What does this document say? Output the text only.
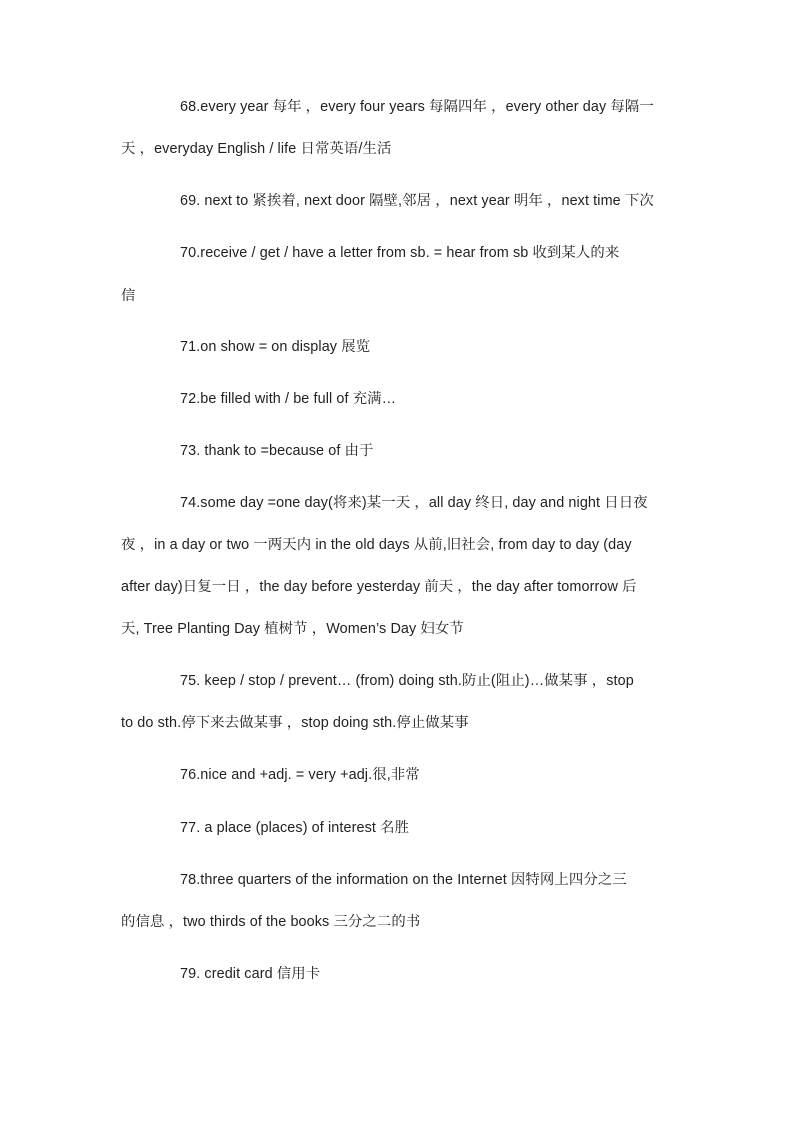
68.every year 每年 ，every four years 每隔四年 ，every other day 每隔一
天 ，everyday English / life 日常英语/生活
69. next to 紧挨着, next door 隔壁,邻居 ，next year 明年 ，next time 下次
70.receive / get / have a letter from sb. = hear from sb 收到某人的来
信
71.on show = on display 展览
72.be filled with / be full of 充满…
73. thank to =because of 由于
74.some day =one day(将来)某一天 ，all day 终日, day and night 日日夜
夜 ，in a day or two 一两天内 in the old days 从前,旧社会, from day to day (day
after day)日复一日 ，the day before yesterday 前天 ，the day after tomorrow 后
天, Tree Planting Day 植树节 ，Women’s Day 妇女节
75. keep / stop / prevent… (from) doing sth.防止(阻止)…做某事 ，stop
to do sth.停下来去做某事 ，stop doing sth.停止做某事
76.nice and +adj. = very +adj.很,非常
77. a place (places) of interest 名胜
78.three quarters of the information on the Internet 因特网上四分之三
的信息 ，two thirds of the books 三分之二的书
79. credit card 信用卡
